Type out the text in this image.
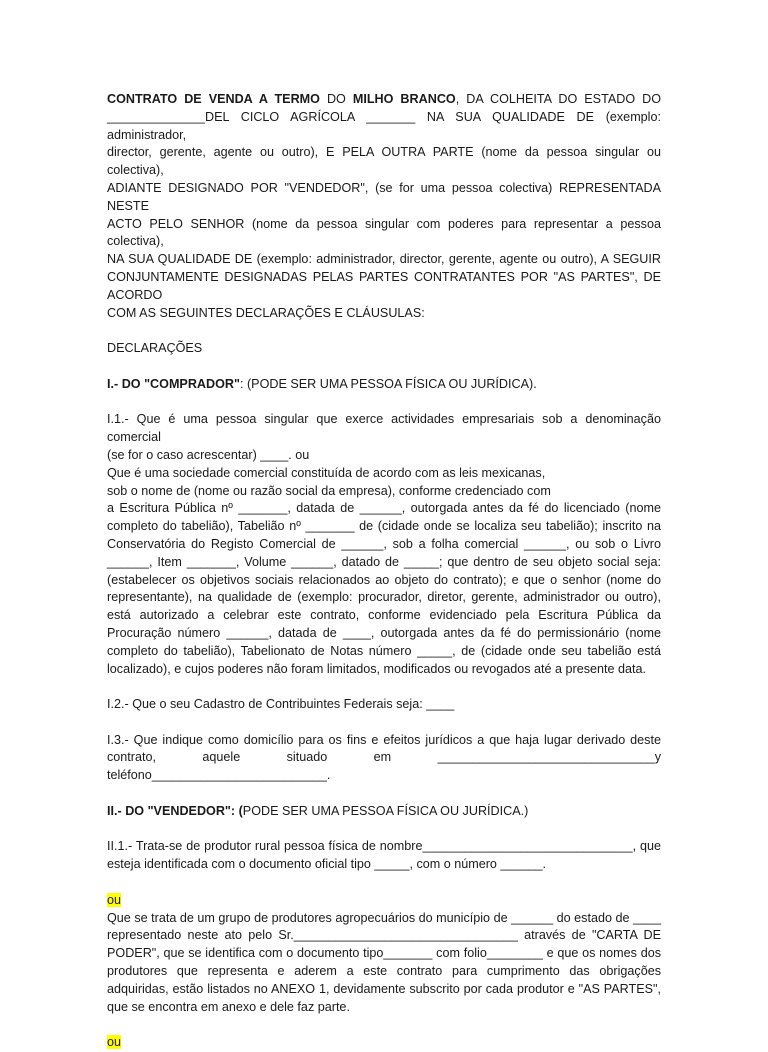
CONTRATO DE VENDA A TERMO DO MILHO BRANCO, DA COLHEITA DO ESTADO DO
______________DEL CICLO AGRÍCOLA _______ NA SUA QUALIDADE DE (exemplo: administrador,
director, gerente, agente ou outro), E PELA OUTRA PARTE (nome da pessoa singular ou colectiva),
ADIANTE DESIGNADO POR "VENDEDOR", (se for uma pessoa colectiva) REPRESENTADA NESTE
ACTO PELO SENHOR (nome da pessoa singular com poderes para representar a pessoa colectiva),
NA SUA QUALIDADE DE (exemplo: administrador, director, gerente, agente ou outro), A SEGUIR
CONJUNTAMENTE DESIGNADAS PELAS PARTES CONTRATANTES POR "AS PARTES", DE ACORDO
COM AS SEGUINTES DECLARAÇÕES E CLÁUSULAS:

DECLARAÇÕES

I.- DO "COMPRADOR": (PODE SER UMA PESSOA FÍSICA OU JURÍDICA).

I.1.- Que é uma pessoa singular que exerce actividades empresariais sob a denominação comercial
(se for o caso acrescentar) ____. ou
Que é uma sociedade comercial constituída de acordo com as leis mexicanas,
sob o nome de (nome ou razão social da empresa), conforme credenciado com

a Escritura Pública nº _______, datada de ______, outorgada antes da fé do licenciado (nome
completo do tabelião), Tabelião nº _______ de (cidade onde se localiza seu tabelião); inscrito na
Conservatória do Registo Comercial de ______, sob a folha comercial ______, ou sob o Livro
______, Item _______, Volume ______, datado de _____; que dentro de seu objeto social seja:
(estabelecer os objetivos sociais relacionados ao objeto do contrato); e que o senhor (nome do
representante), na qualidade de (exemplo: procurador, diretor, gerente, administrador ou outro),
está autorizado a celebrar este contrato, conforme evidenciado pela Escritura Pública da
Procuração número ______, datada de ____, outorgada antes da fé do permissionário (nome
completo do tabelião), Tabelionato de Notas número _____, de (cidade onde seu tabelião está
localizado), e cujos poderes não foram limitados, modificados ou revogados até a presente data.

I.2.- Que o seu Cadastro de Contribuintes Federais seja: ____

I.3.- Que indique como domicílio para os fins e efeitos jurídicos a que haja lugar derivado deste
contrato, aquele situado em _______________________________y
teléfono_________________________.

II.- DO "VENDEDOR": (PODE SER UMA PESSOA FÍSICA OU JURÍDICA.)

II.1.- Trata-se de produtor rural pessoa física de nombre______________________________, que
esteja identificada com o documento oficial tipo _____, com o número ______.

ou

Que se trata de um grupo de produtores agropecuários do município de ______ do estado de ____
representado neste ato pelo Sr.________________________________ através de "CARTA DE
PODER", que se identifica com o documento tipo_______ com folio________ e que os nomes dos
produtores que representa e aderem a este contrato para cumprimento das obrigações
adquiridas, estão listados no ANEXO 1, devidamente subscrito por cada produtor e "AS PARTES",
que se encontra em anexo e dele faz parte.

ou
